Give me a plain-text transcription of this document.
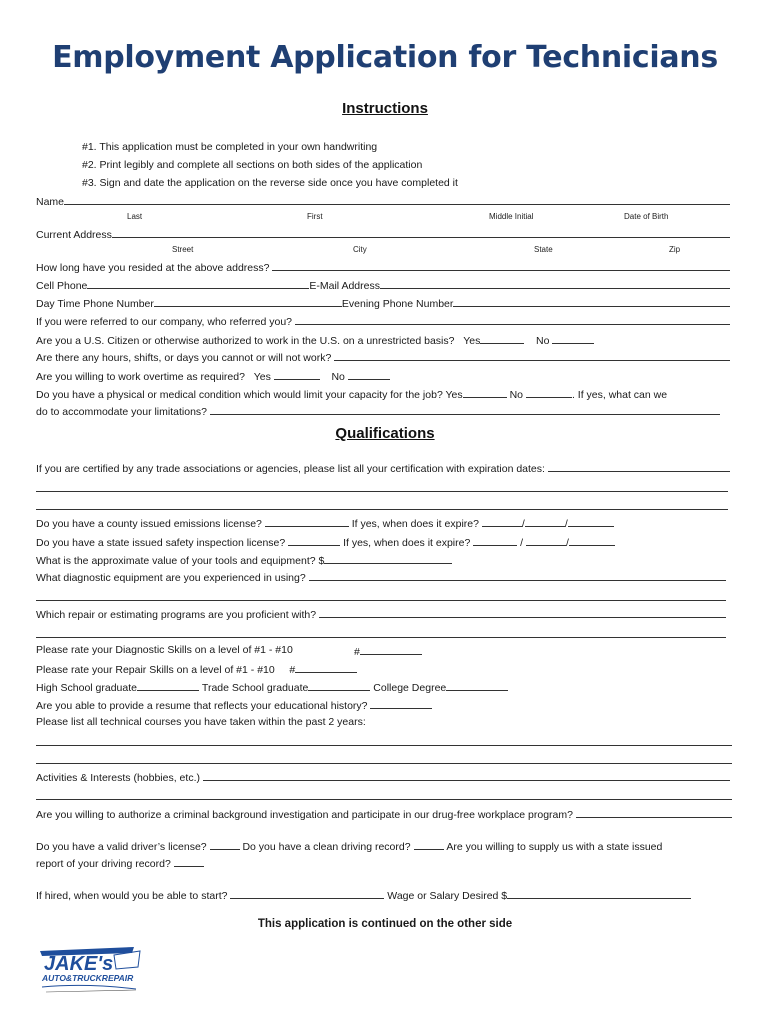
Employment Application for Technicians
Instructions
#1. This application must be completed in your own handwriting
#2. Print legibly and complete all sections on both sides of the application
#3. Sign and date the application on the reverse side once you have completed it
Name
Last	First	Middle Initial	Date of Birth
Current Address
Street	City	State	Zip
How long have you resided at the above address?

Cell Phone	E-Mail Address
Day Time Phone Number	Evening Phone Number
If you were referred to our company, who referred you?

Are you a U.S. Citizen or otherwise authorized to work in the U.S. on a unrestricted basis? Yes	No
Are there any hours, shifts, or days you cannot or will not work?

Are you willing to work overtime as required? Yes	No
Do you have a physical or medical condition which would limit your capacity for the job? Yes	No	. If yes, what can we
do to accommodate your limitations?

Qualifications
If you are certified by any trade associations or agencies, please list all your certification with expiration dates:

Do you have a county issued emissions license?	If yes, when does it expire?	/	/
Do you have a state issued safety inspection license?	If yes, when does it expire?	/	/
What is the approximate value of your tools and equipment? $
What diagnostic equipment are you experienced in using?

Which repair or estimating programs are you proficient with?

Please rate your Diagnostic Skills on a level of #1 - #10	#
Please rate your Repair Skills on a level of #1 - #10 #
High School graduate	Trade School graduate	College Degree
Are you able to provide a resume that reflects your educational history?
Please list all technical courses you have taken within the past 2 years:
Activities & Interests (hobbies, etc.)

Are you willing to authorize a criminal background investigation and participate in our drug-free workplace program?

Do you have a valid driver’s license?	Do you have a clean driving record?	Are you willing to supply us with a state issued
report of your driving record?
If hired, when would you be able to start?	Wage or Salary Desired $
This application is continued on the other side
JAKE's
AUTO&TRUCKREPAIR
